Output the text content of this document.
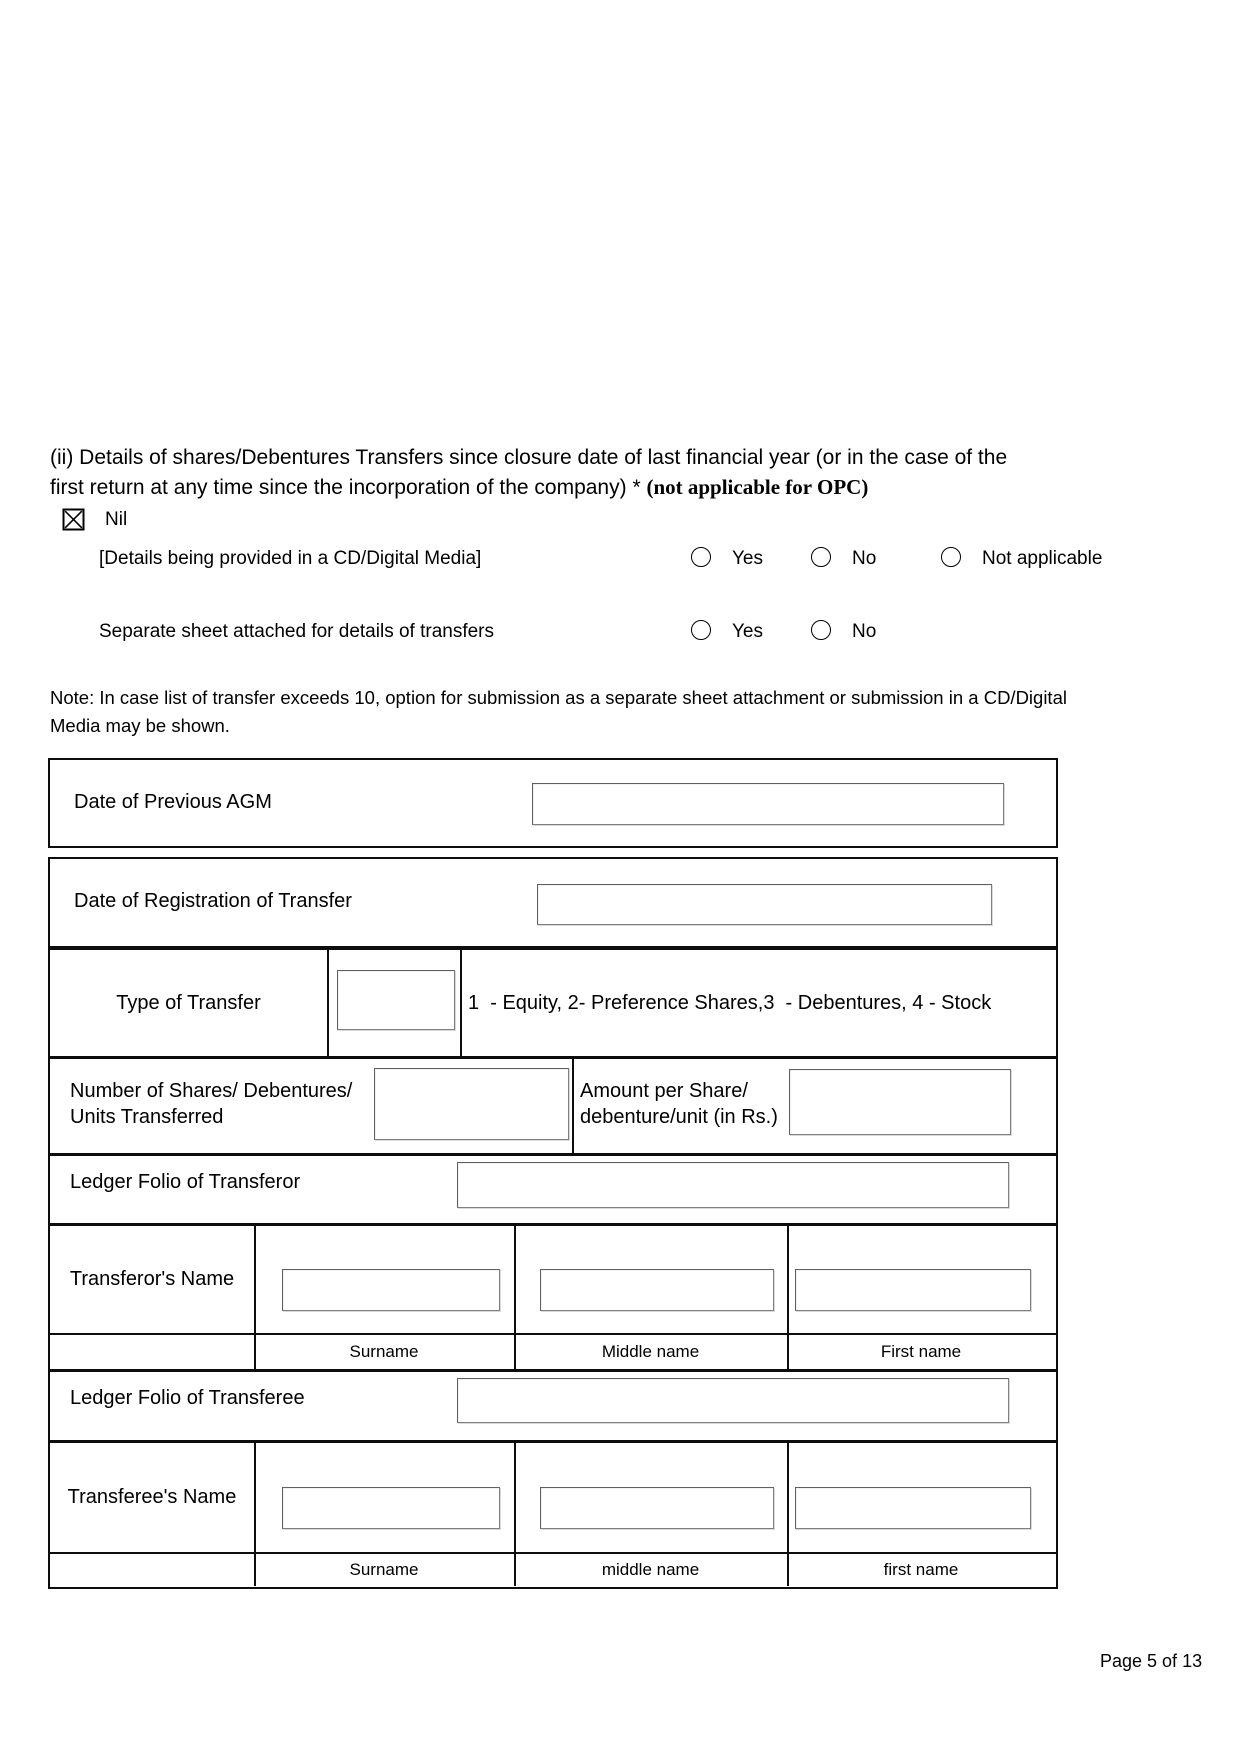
(ii) Details of shares/Debentures Transfers since closure date of last financial year (or in the case of the
first return at any time since the incorporation of the company) * (not applicable for OPC)
Nil
[Details being provided in a CD/Digital Media]	Yes	No	Not applicable
Separate sheet attached for details of transfers	Yes	No
Note: In case list of transfer exceeds 10, option for submission as a separate sheet attachment or submission in a CD/Digital
Media may be shown.
Date of Previous AGM
Date of Registration of Transfer
Type of Transfer	1  - Equity, 2- Preference Shares,3  - Debentures, 4 - Stock
Number of Shares/ Debentures/ Units Transferred
Amount per Share/ debenture/unit (in Rs.)
Ledger Folio of Transferor
Transferor's Name
Surname	Middle name	First name
Ledger Folio of Transferee
Transferee's Name
Surname	middle name	first name
Page 5 of 13
